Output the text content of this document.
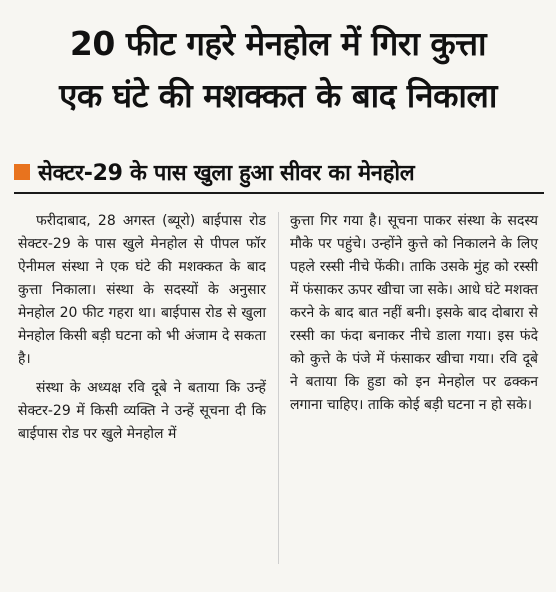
20 फीट गहरे मेनहोल में गिरा कुत्ता
एक घंटे की मशक्कत के बाद निकाला
सेक्टर-29 के पास खुला हुआ सीवर का मेनहोल

फरीदाबाद, 28 अगस्त (ब्यूरो) बाईपास रोड सेक्टर-29 के पास खुले मेनहोल से पीपल फॉर ऐनीमल संस्था ने एक घंटे की मशक्कत के बाद कुत्ता निकाला। संस्था के सदस्यों के अनुसार मेनहोल 20 फीट गहरा था। बाईपास रोड से खुला मेनहोल किसी बड़ी घटना को भी अंजाम दे सकता है।

संस्था के अध्यक्ष रवि दूबे ने बताया कि उन्हें सेक्टर-29 में किसी व्यक्ति ने उन्हें सूचना दी कि बाईपास रोड पर खुले मेनहोल में

कुत्ता गिर गया है। सूचना पाकर संस्था के सदस्य मौके पर पहुंचे। उन्होंने कुत्ते को निकालने के लिए पहले रस्सी नीचे फेंकी। ताकि उसके मुंह को रस्सी में फंसाकर ऊपर खीचा जा सके। आधे घंटे मशक्त करने के बाद बात नहीं बनी। इसके बाद दोबारा से रस्सी का फंदा बनाकर नीचे डाला गया। इस फंदे को कुत्ते के पंजे में फंसाकर खीचा गया। रवि दूबे ने बताया कि हुडा को इन मेनहोल पर ढक्कन लगाना चाहिए। ताकि कोई बड़ी घटना न हो सके।
